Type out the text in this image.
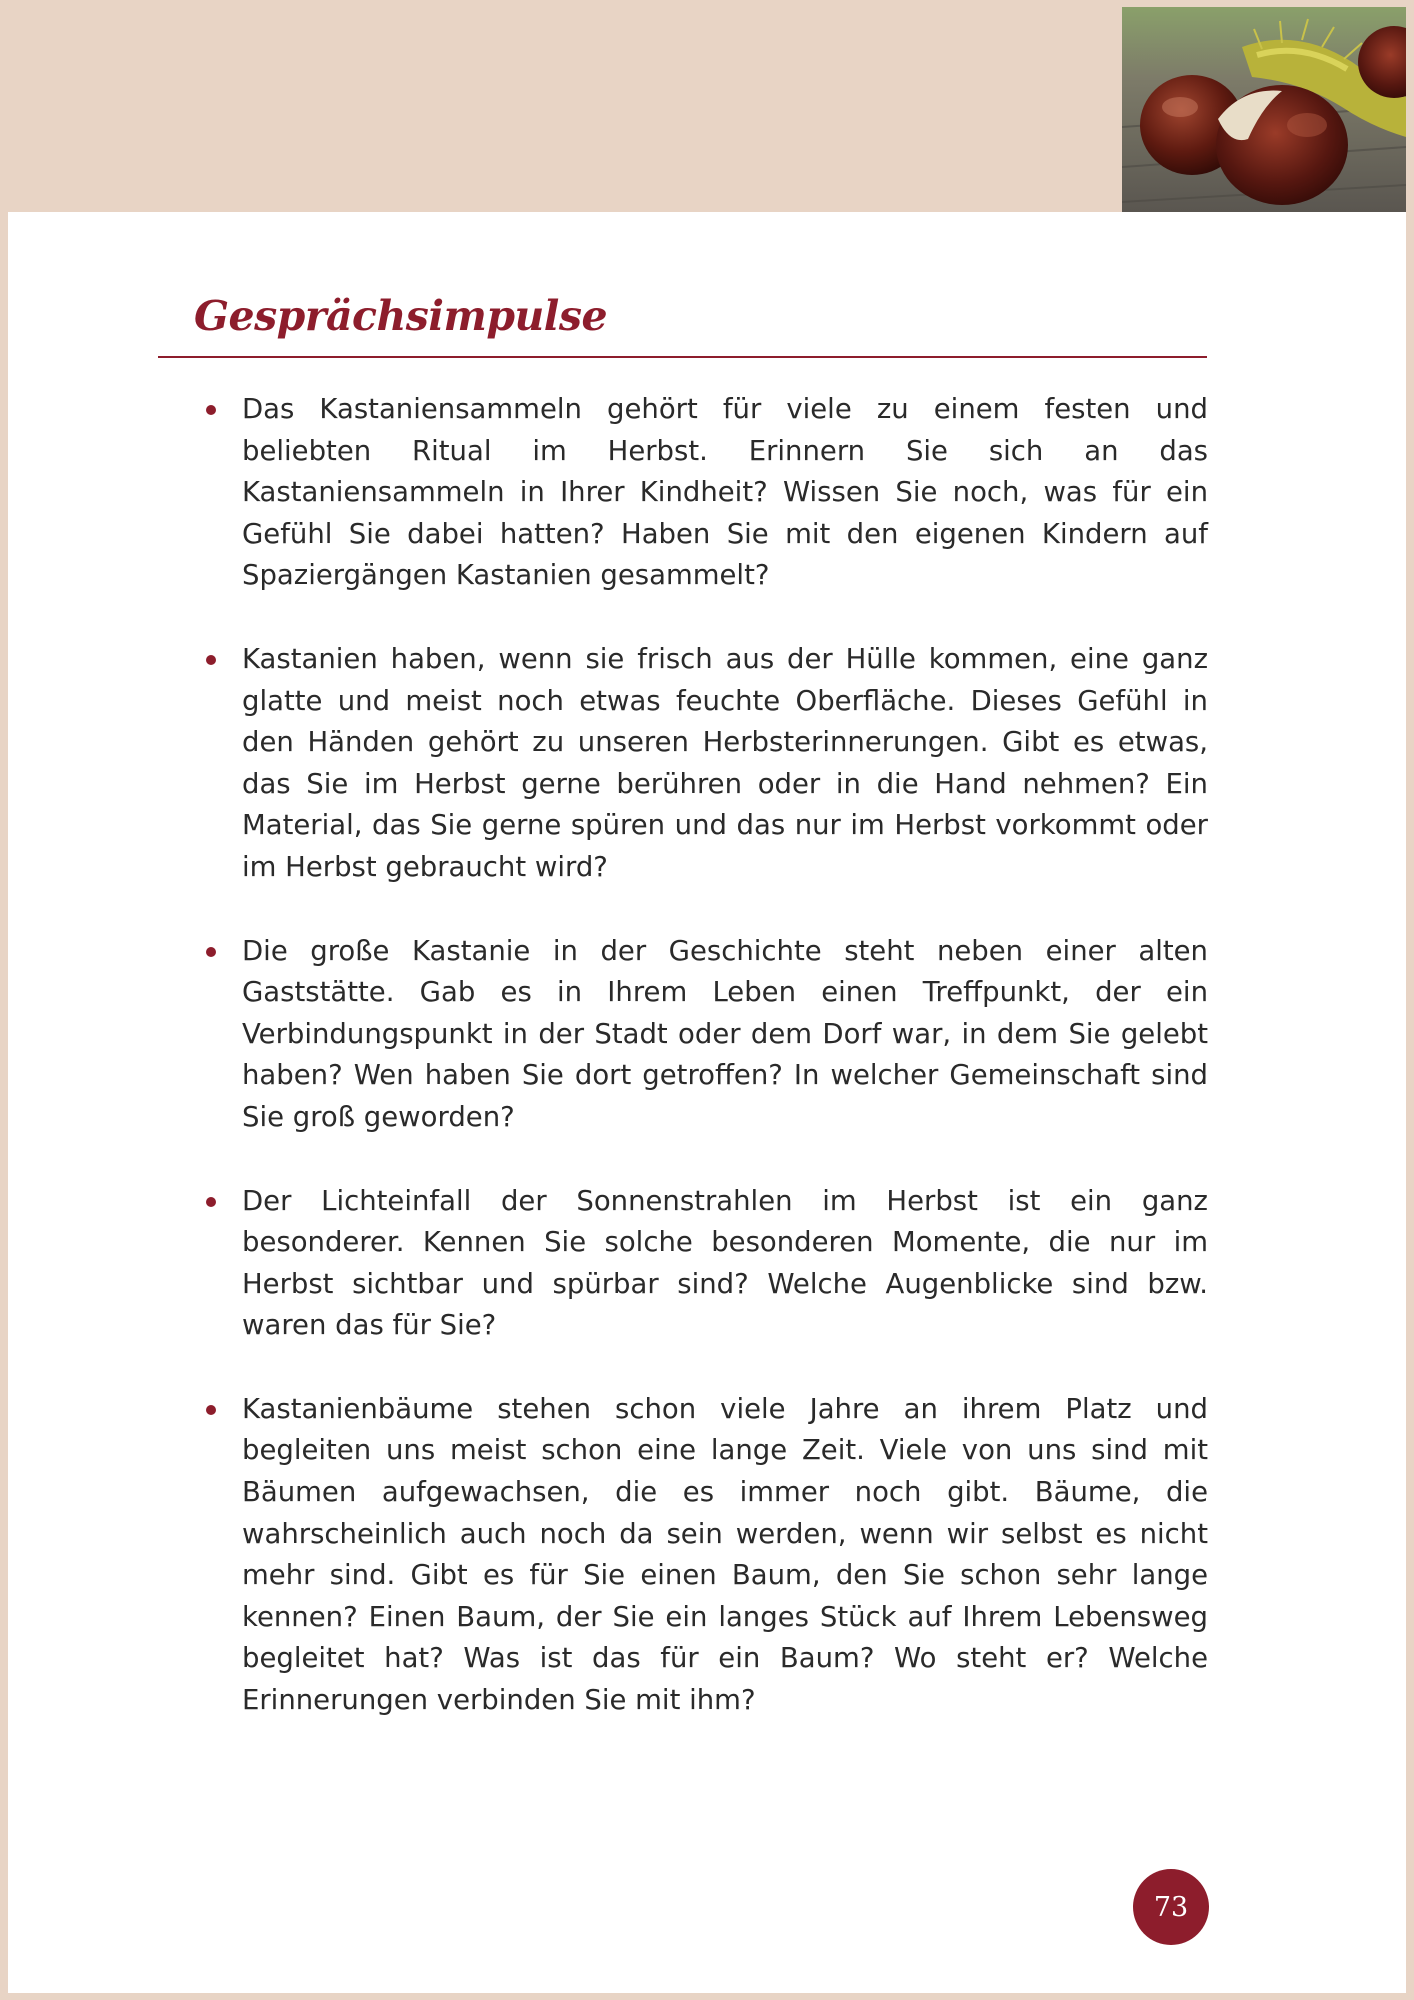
Gesprächsimpulse
Das Kastaniensammeln gehört für viele zu einem festen und beliebten Ritual im Herbst. Erinnern Sie sich an das Kastaniensammeln in Ihrer Kindheit? Wissen Sie noch, was für ein Gefühl Sie dabei hatten? Haben Sie mit den eigenen Kindern auf Spaziergängen Kastanien gesammelt?
Kastanien haben, wenn sie frisch aus der Hülle kommen, eine ganz glatte und meist noch etwas feuchte Oberfläche. Dieses Gefühl in den Händen gehört zu unseren Herbsterinnerungen. Gibt es etwas, das Sie im Herbst gerne berühren oder in die Hand nehmen? Ein Material, das Sie gerne spüren und das nur im Herbst vorkommt oder im Herbst gebraucht wird?
Die große Kastanie in der Geschichte steht neben einer alten Gaststätte. Gab es in Ihrem Leben einen Treffpunkt, der ein Verbindungspunkt in der Stadt oder dem Dorf war, in dem Sie gelebt haben? Wen haben Sie dort getroffen? In welcher Gemeinschaft sind Sie groß geworden?
Der Lichteinfall der Sonnenstrahlen im Herbst ist ein ganz besonderer. Kennen Sie solche besonderen Momente, die nur im Herbst sichtbar und spürbar sind? Welche Augenblicke sind bzw. waren das für Sie?
Kastanienbäume stehen schon viele Jahre an ihrem Platz und begleiten uns meist schon eine lange Zeit. Viele von uns sind mit Bäumen aufgewachsen, die es immer noch gibt. Bäume, die wahrscheinlich auch noch da sein werden, wenn wir selbst es nicht mehr sind. Gibt es für Sie einen Baum, den Sie schon sehr lange kennen? Einen Baum, der Sie ein langes Stück auf Ihrem Lebensweg begleitet hat? Was ist das für ein Baum? Wo steht er? Welche Erinnerungen verbinden Sie mit ihm?
73
